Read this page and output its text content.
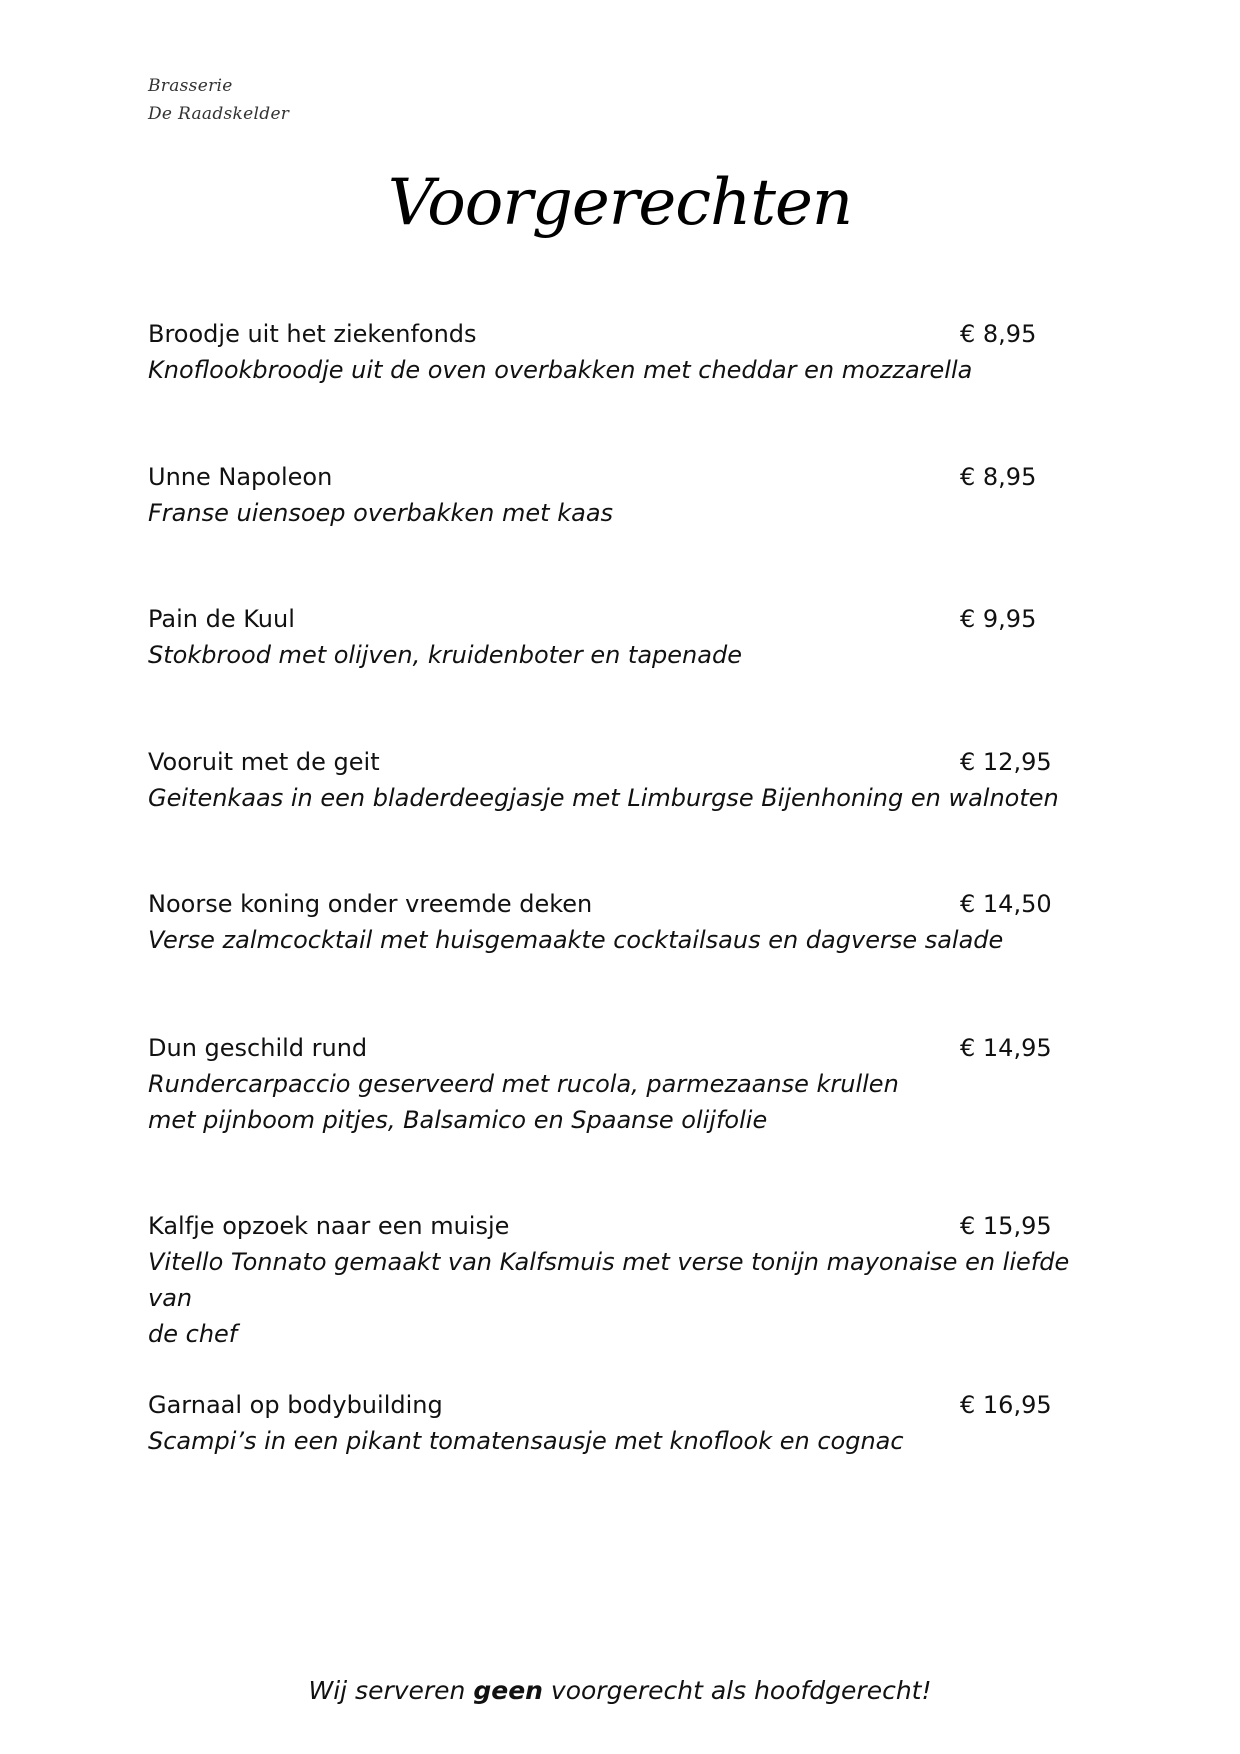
Brasserie
De Raadskelder
Voorgerechten
Broodje uit het ziekenfonds	€ 8,95
Knoflookbroodje uit de oven overbakken met cheddar en mozzarella
Unne Napoleon	€ 8,95
Franse uiensoep overbakken met kaas
Pain de Kuul	€ 9,95
Stokbrood met olijven, kruidenboter en tapenade
Vooruit met de geit	€ 12,95
Geitenkaas in een bladerdeegjasje met Limburgse Bijenhoning en walnoten
Noorse koning onder vreemde deken	€ 14,50
Verse zalmcocktail met huisgemaakte cocktailsaus en dagverse salade
Dun geschild rund	€ 14,95
Rundercarpaccio geserveerd met rucola, parmezaanse krullen
met pijnboom pitjes, Balsamico en Spaanse olijfolie
Kalfje opzoek naar een muisje	€ 15,95
Vitello Tonnato gemaakt van Kalfsmuis met verse tonijn mayonaise en liefde van
de chef
Garnaal op bodybuilding	€ 16,95
Scampi’s in een pikant tomatensausje met knoflook en cognac
Wij serveren geen voorgerecht als hoofdgerecht!
